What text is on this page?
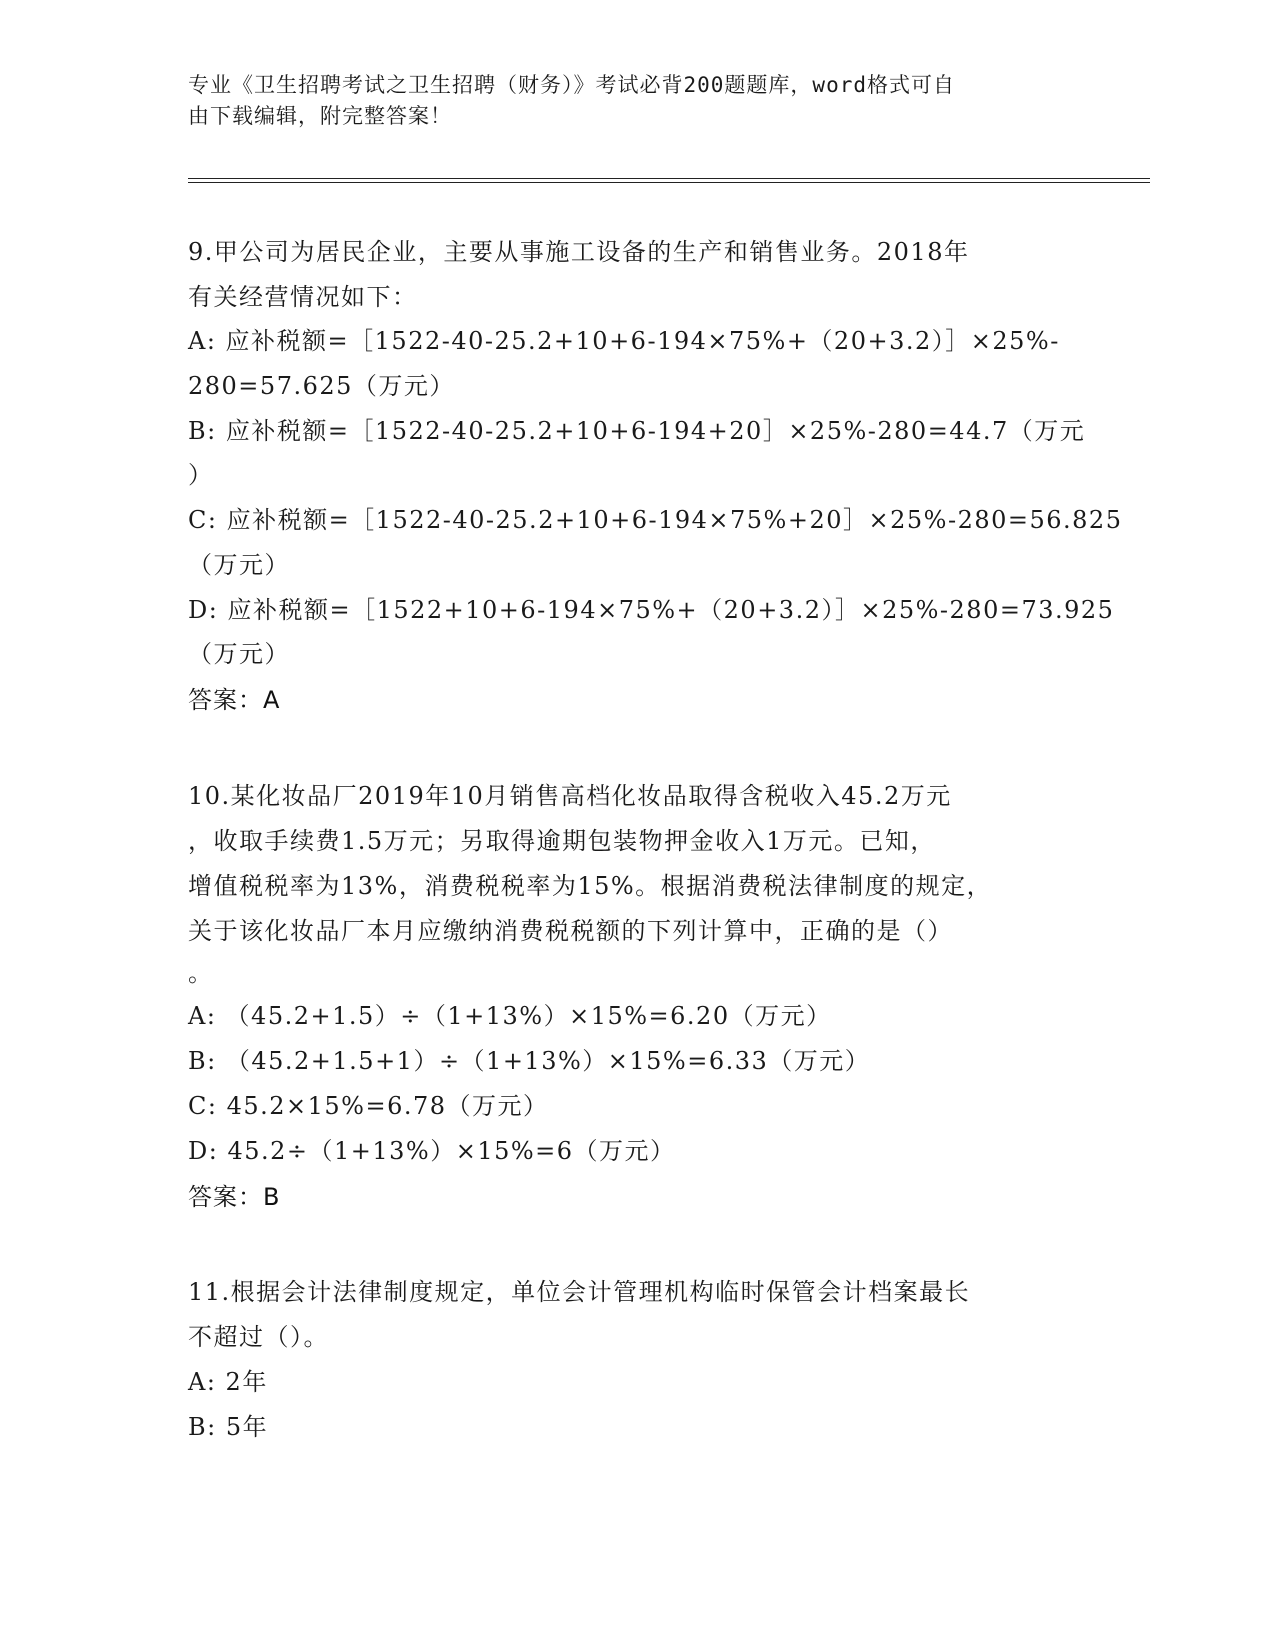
专业《卫生招聘考试之卫生招聘（财务）》考试必背200题题库，word格式可自
由下载编辑，附完整答案！
9.甲公司为居民企业，主要从事施工设备的生产和销售业务。2018年
有关经营情况如下：
A: 应补税额=［1522-40-25.2+10+6-194×75%+（20+3.2）］×25%-
280=57.625（万元）
B: 应补税额=［1522-40-25.2+10+6-194+20］×25%-280=44.7（万元
）
C: 应补税额=［1522-40-25.2+10+6-194×75%+20］×25%-280=56.825
（万元）
D: 应补税额=［1522+10+6-194×75%+（20+3.2）］×25%-280=73.925
（万元）
答案：A
10.某化妆品厂2019年10月销售高档化妆品取得含税收入45.2万元
，收取手续费1.5万元；另取得逾期包装物押金收入1万元。已知，
增值税税率为13%，消费税税率为15%。根据消费税法律制度的规定，
关于该化妆品厂本月应缴纳消费税税额的下列计算中，正确的是（）
。
A: （45.2+1.5）÷（1+13%）×15%=6.20（万元）
B: （45.2+1.5+1）÷（1+13%）×15%=6.33（万元）
C: 45.2×15%=6.78（万元）
D: 45.2÷（1+13%）×15%=6（万元）
答案：B
11.根据会计法律制度规定，单位会计管理机构临时保管会计档案最长
不超过（）。
A: 2年
B: 5年
